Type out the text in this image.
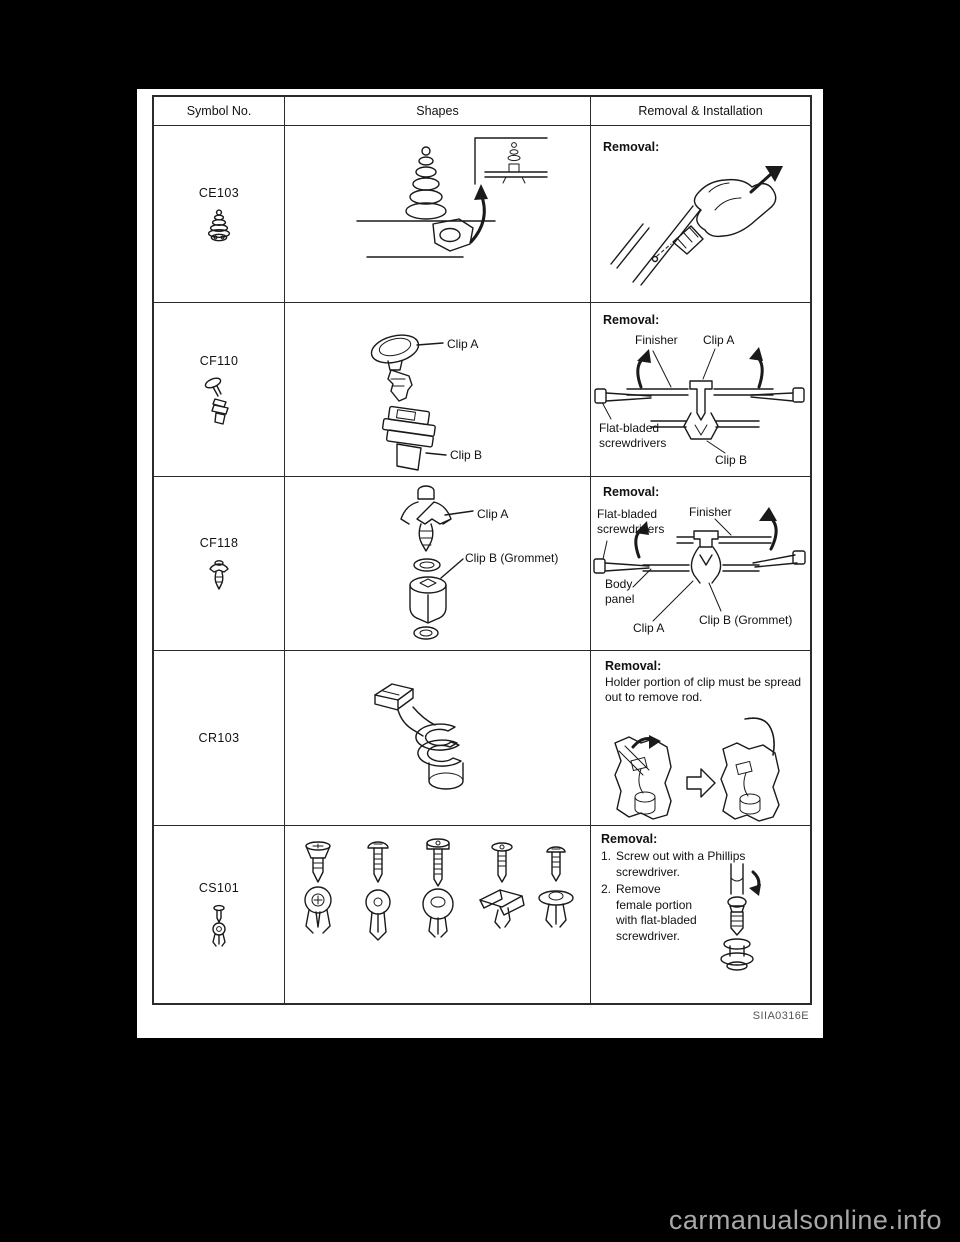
Symbol No.	Shapes	Removal & Installation
CE103
Removal:
CF110
Clip A
Clip B
Removal:
Finisher Clip A
Flat-bladed screwdrivers
Clip B
CF118
Clip A
Clip B (Grommet)
Removal:
Flat-bladed screwdrivers
Finisher
Body panel
Clip A
Clip B (Grommet)
CR103
Removal:
Holder portion of clip must be spread out to remove rod.
CS101
Removal:
1. Screw out with a Phillips screwdriver.
2. Remove female portion with flat-bladed screwdriver.
SIIA0316E
carmanualsonline.info
